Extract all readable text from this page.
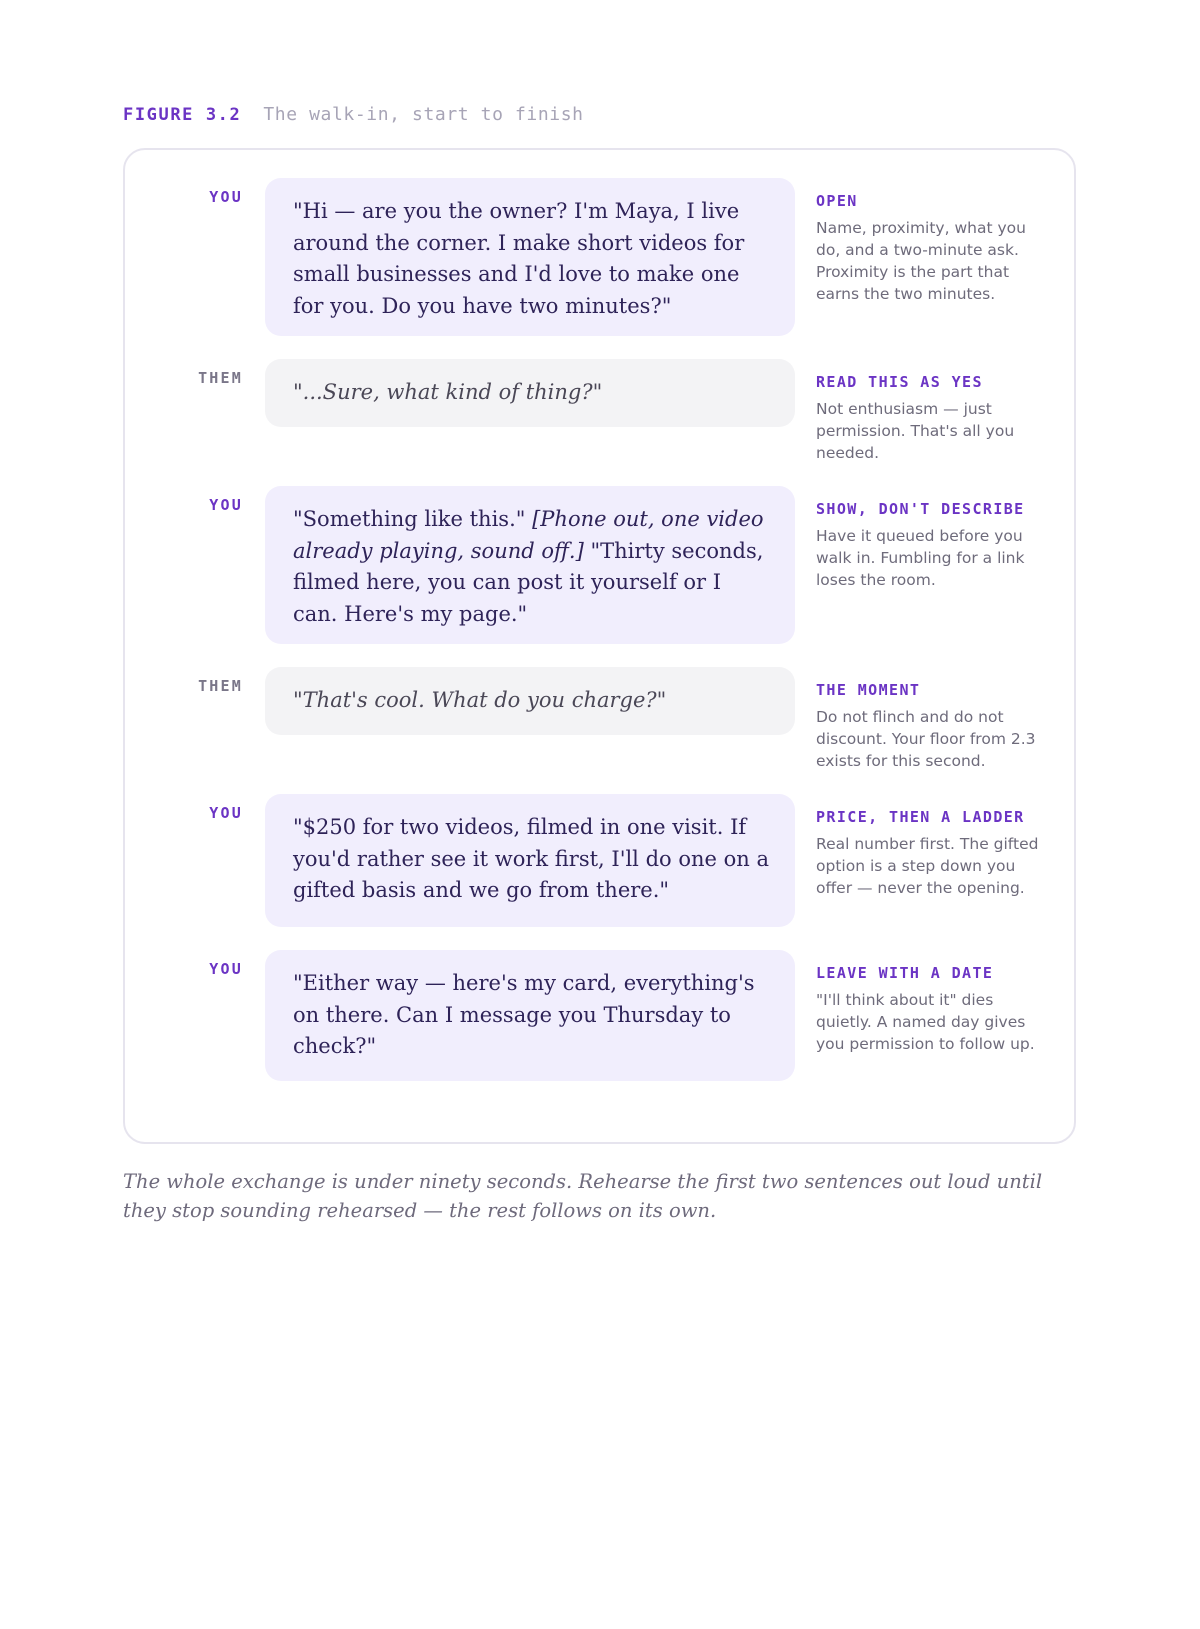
FIGURE 3.2 The walk-in, start to finish
YOU
"Hi — are you the owner? I'm Maya, I live around the corner. I make short videos for small businesses and I'd love to make one for you. Do you have two minutes?"
OPEN
Name, proximity, what you do, and a two-minute ask. Proximity is the part that earns the two minutes.
THEM
"...Sure, what kind of thing?"	READ THIS AS YES
Not enthusiasm — just permission. That's all you needed.
YOU
"Something like this." [Phone out, one video already playing, sound off.] "Thirty seconds, filmed here, you can post it yourself or I can. Here's my page."
SHOW, DON'T DESCRIBE
Have it queued before you walk in. Fumbling for a link loses the room.
THEM
"That's cool. What do you charge?"	THE MOMENT
Do not flinch and do not discount. Your floor from 2.3 exists for this second.
YOU
"$250 for two videos, filmed in one visit. If you'd rather see it work first, I'll do one on a gifted basis and we go from there."
PRICE, THEN A LADDER
Real number first. The gifted option is a step down you offer — never the opening.
YOU
"Either way — here's my card, everything's on there. Can I message you Thursday to check?"
LEAVE WITH A DATE
"I'll think about it" dies quietly. A named day gives you permission to follow up.
The whole exchange is under ninety seconds. Rehearse the first two sentences out loud until they stop sounding rehearsed — the rest follows on its own.
